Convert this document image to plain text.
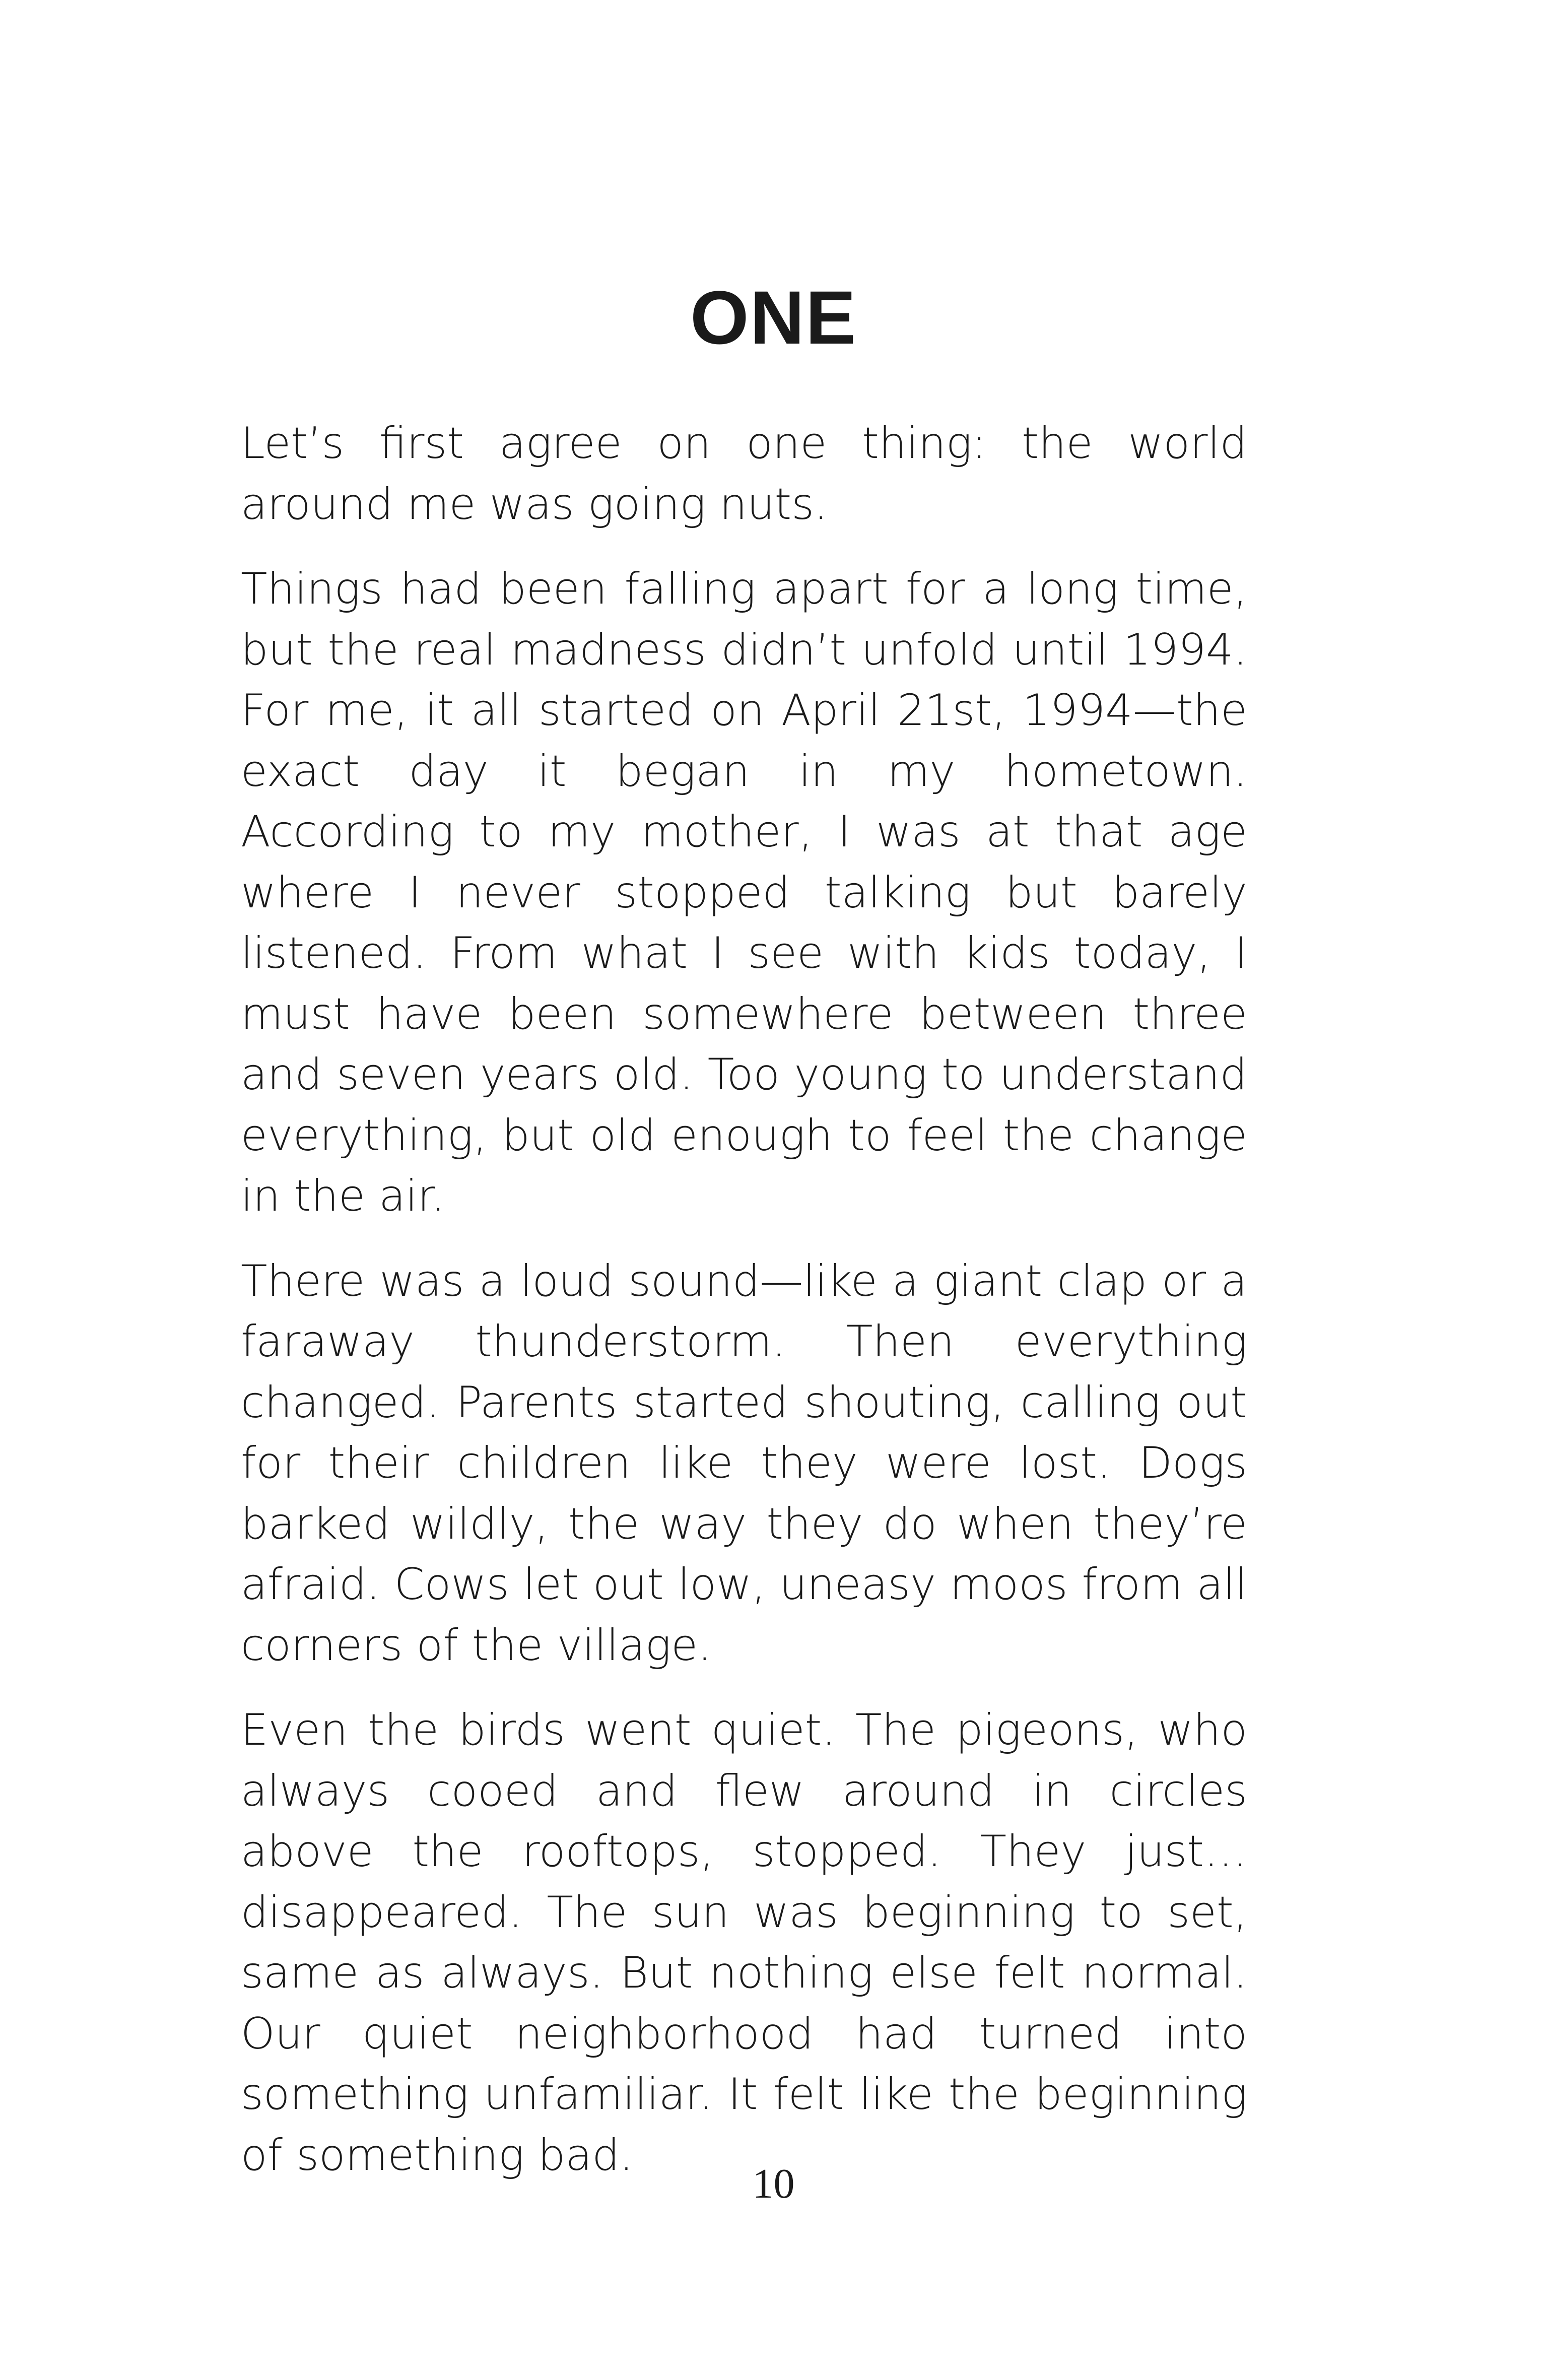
ONE

Let’s first agree on one thing: the world around me was going nuts.

Things had been falling apart for a long time, but the real madness didn’t unfold until 1994. For me, it all started on April 21st, 1994—the exact day it began in my hometown. According to my mother, I was at that age where I never stopped talking but barely listened. From what I see with kids today, I must have been somewhere between three and seven years old. Too young to understand everything, but old enough to feel the change in the air.

There was a loud sound—like a giant clap or a faraway thunderstorm. Then everything changed. Parents started shouting, calling out for their children like they were lost. Dogs barked wildly, the way they do when they’re afraid. Cows let out low, uneasy moos from all corners of the village.

Even the birds went quiet. The pigeons, who always cooed and flew around in circles above the rooftops, stopped. They just… disappeared. The sun was beginning to set, same as always. But nothing else felt normal. Our quiet neighborhood had turned into something unfamiliar. It felt like the beginning of something bad.

10
